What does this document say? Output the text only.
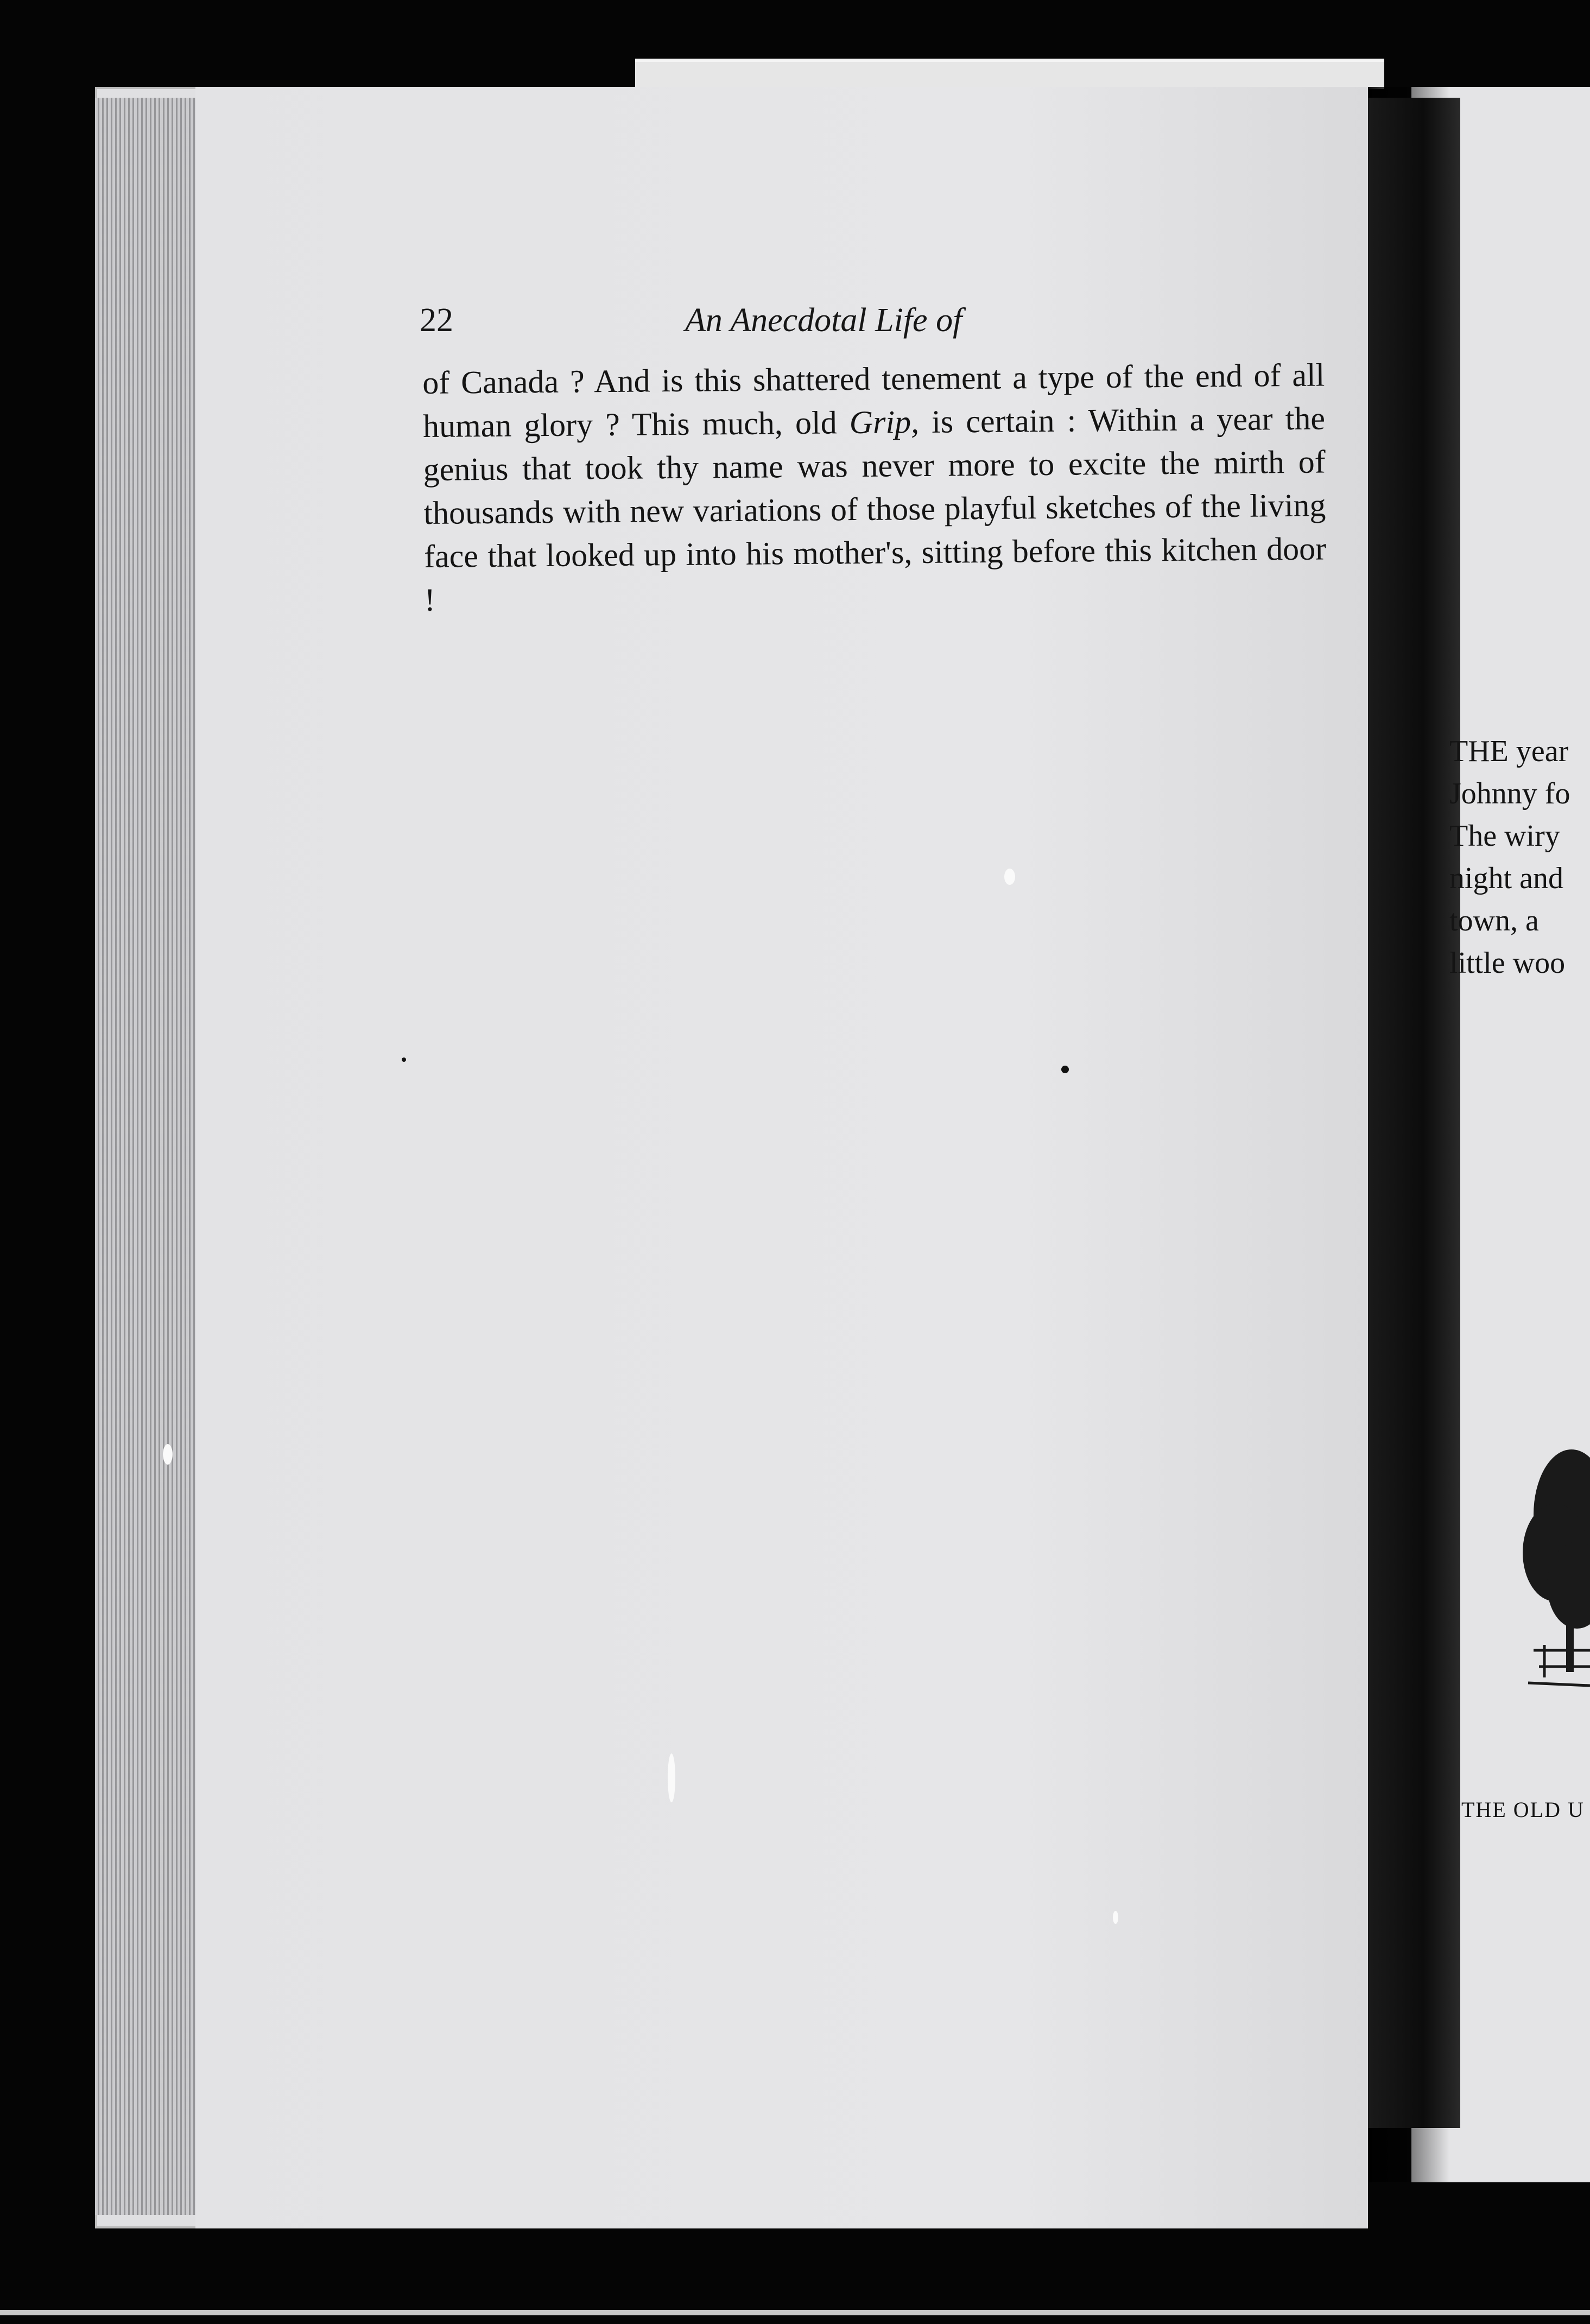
22	An Anecdotal Life of

of Canada ? And is this shattered tenement a type of the end of all human glory ? This much, old Grip, is certain : Within a year the genius that took thy name was never more to excite the mirth of thousands with new variations of those playful sketches of the living face that looked up into his mother's, sitting before this kitchen door !

THE year
Johnny fo
The wiry
night and
town, a
little woo
THE OLD U
